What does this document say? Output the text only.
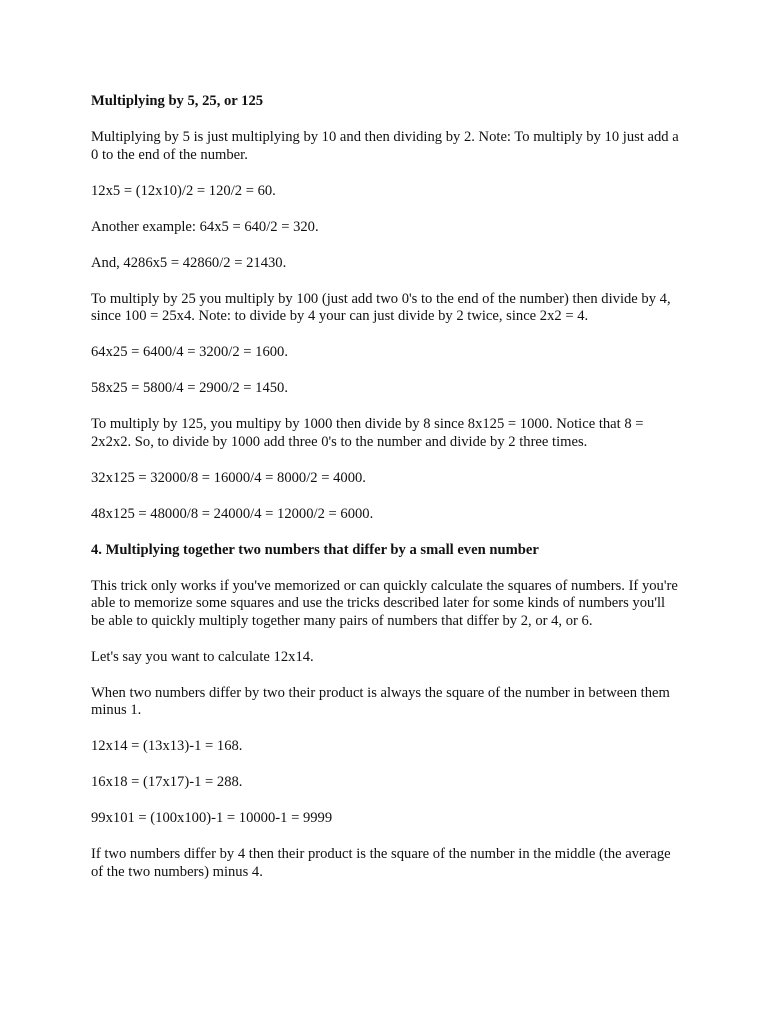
Multiplying by 5, 25, or 125

Multiplying by 5 is just multiplying by 10 and then dividing by 2. Note: To multiply by 10 just add a 0 to the end of the number.

12x5 = (12x10)/2 = 120/2 = 60.

Another example: 64x5 = 640/2 = 320.

And, 4286x5 = 42860/2 = 21430.

To multiply by 25 you multiply by 100 (just add two 0's to the end of the number) then divide by 4, since 100 = 25x4. Note: to divide by 4 your can just divide by 2 twice, since 2x2 = 4.

64x25 = 6400/4 = 3200/2 = 1600.

58x25 = 5800/4 = 2900/2 = 1450.

To multiply by 125, you multipy by 1000 then divide by 8 since 8x125 = 1000. Notice that 8 = 2x2x2. So, to divide by 1000 add three 0's to the number and divide by 2 three times.

32x125 = 32000/8 = 16000/4 = 8000/2 = 4000.

48x125 = 48000/8 = 24000/4 = 12000/2 = 6000.

4. Multiplying together two numbers that differ by a small even number

This trick only works if you've memorized or can quickly calculate the squares of numbers. If you're able to memorize some squares and use the tricks described later for some kinds of numbers you'll be able to quickly multiply together many pairs of numbers that differ by 2, or 4, or 6.

Let's say you want to calculate 12x14.

When two numbers differ by two their product is always the square of the number in between them minus 1.

12x14 = (13x13)-1 = 168.

16x18 = (17x17)-1 = 288.

99x101 = (100x100)-1 = 10000-1 = 9999

If two numbers differ by 4 then their product is the square of the number in the middle (the average of the two numbers) minus 4.
